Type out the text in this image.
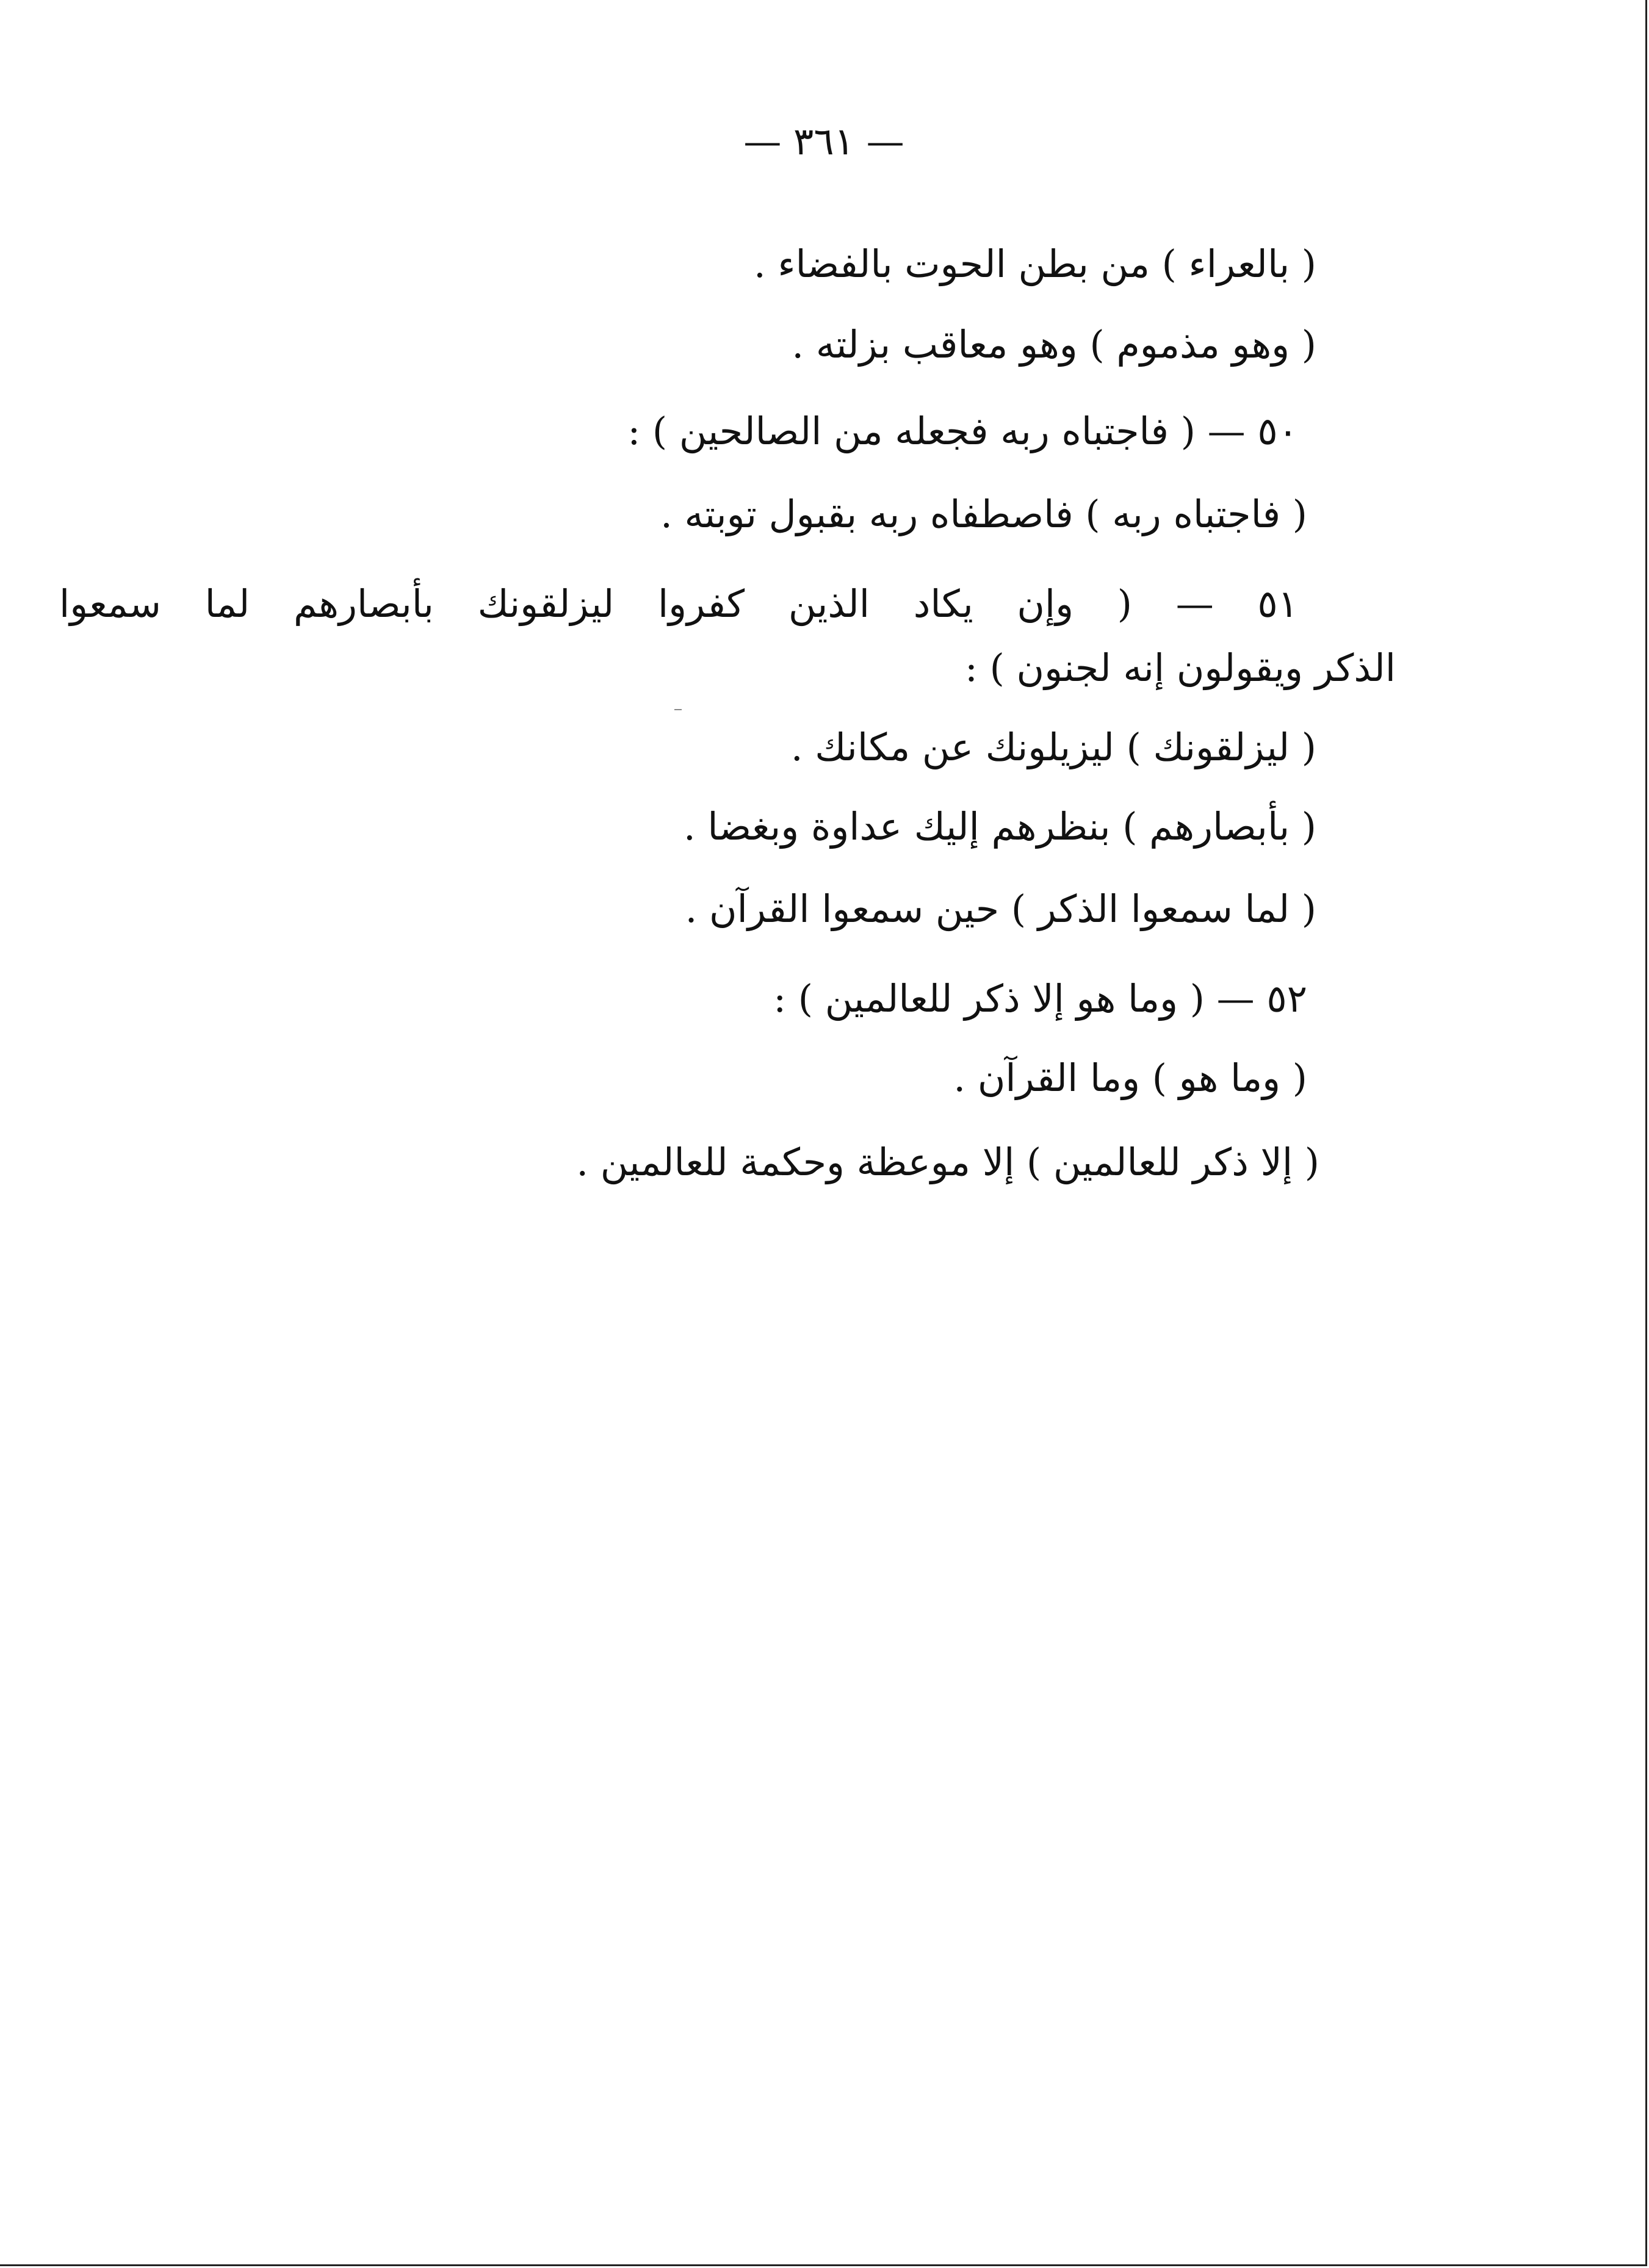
— ٣٦١ —
( بالعراء ) من بطن الحوت بالفضاء .
( وهو مذموم ) وهو معاقب بزلته .
٥٠ — ( فاجتباه ربه فجعله من الصالحين ) :
( فاجتباه ربه ) فاصطفاه ربه بقبول توبته .
٥١ — ( وإن يكاد الذين كفروا ليزلقونك بأبصارهم لما سمعوا
الذكر ويقولون إنه لجنون ) :
( ليزلقونك ) ليزيلونك عن مكانك .
( بأبصارهم ) بنظرهم إليك عداوة وبغضا .
( لما سمعوا الذكر ) حين سمعوا القرآن .
٥٢ — ( وما هو إلا ذكر للعالمين ) :
( وما هو ) وما القرآن .
( إلا ذكر للعالمين ) إلا موعظة وحكمة للعالمين .
